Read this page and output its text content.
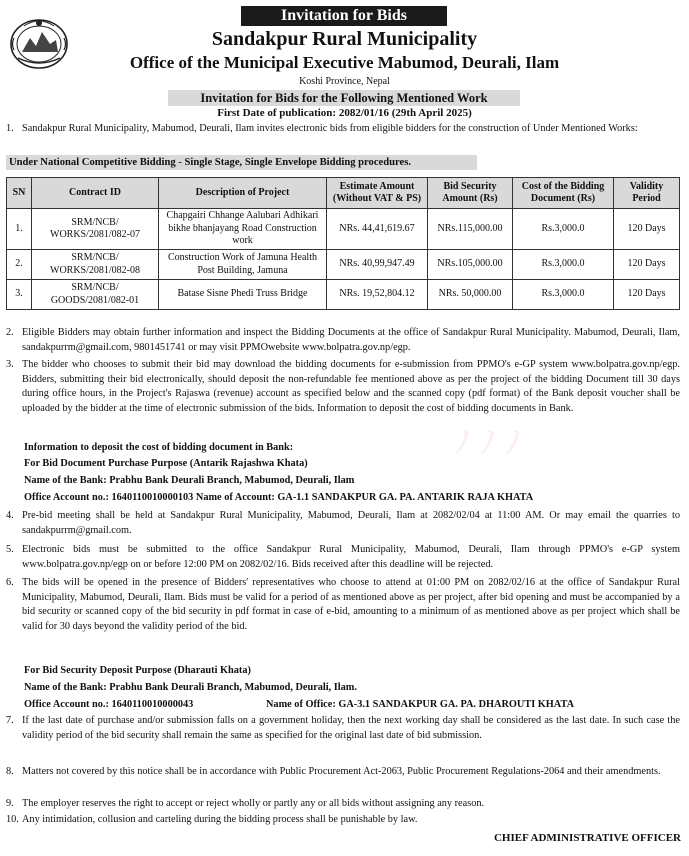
Invitation for Bids
Sandakpur Rural Municipality
Office of the Municipal Executive Mabumod, Deurali, Ilam
Koshi Province, Nepal
Invitation for Bids for the Following Mentioned Work
First Date of publication: 2082/01/16 (29th April 2025)
1. Sandakpur Rural Municipality, Mabumod, Deurali, Ilam invites electronic bids from eligible bidders for the construction of Under Mentioned Works:
Under National Competitive Bidding - Single Stage, Single Envelope Bidding procedures.
SN	Contract ID	Description of Project	Estimate Amount (Without VAT & PS)	Bid Security Amount (Rs)	Cost of the Bidding Document (Rs)	Validity Period
1.	SRM/NCB/ WORKS/2081/082-07	Chapgairi Chhange Aalubari Adhikari bikhe bhanjayang Road Construction work	NRs. 44,41,619.67	NRs.115,000.00	Rs.3,000.0	120 Days
2.	SRM/NCB/ WORKS/2081/082-08	Construction Work of Jamuna Health Post Building, Jamuna	NRs. 40,99,947.49	NRs.105,000.00	Rs.3,000.0	120 Days
3.	SRM/NCB/ GOODS/2081/082-01	Batase Sisne Phedi Truss Bridge	NRs. 19,52,804.12	NRs. 50,000.00	Rs.3,000.0	120 Days
ﾉ ﾉ ﾉ
2. Eligible Bidders may obtain further information and inspect the Bidding Documents at the office of Sandakpur Rural Municipality. Mabumod, Deurali, Ilam, sandakpurrm@gmail.com, 9801451741 or may visit PPMOwebsite www.bolpatra.gov.np/egp.
3. The bidder who chooses to submit their bid may download the bidding documents for e-submission from PPMO's e-GP system www.bolpatra.gov.np/egp. Bidders, submitting their bid electronically, should deposit the non-refundable fee mentioned above as per the project of the bidding Document till 30 days during office hours, in the Project's Rajaswa (revenue) account as specified below and the scanned copy (pdf format) of the Bank deposit voucher shall be uploaded by the bidder at the time of electronic submission of the bids. Information to deposit the cost of bidding documents in Bank.
Information to deposit the cost of bidding document in Bank:
For Bid Document Purchase Purpose (Antarik Rajashwa Khata)
Name of the Bank: Prabhu Bank Deurali Branch, Mabumod, Deurali, Ilam
Office Account no.: 1640110010000103 Name of Account: GA-1.1 SANDAKPUR GA. PA. ANTARIK RAJA KHATA
4. Pre-bid meeting shall be held at Sandakpur Rural Municipality, Mabumod, Deurali, Ilam at 2082/02/04 at 11:00 AM. Or may email the quarries to sandakpurrm@gmail.com.
5. Electronic bids must be submitted to the office Sandakpur Rural Municipality, Mabumod, Deurali, Ilam through PPMO's e-GP system www.bolpatra.gov.np/egp on or before 12:00 PM on 2082/02/16. Bids received after this deadline will be rejected.
6. The bids will be opened in the presence of Bidders' representatives who choose to attend at 01:00 PM on 2082/02/16 at the office of Sandakpur Rural Municipality, Mabumod, Deurali, Ilam. Bids must be valid for a period of as mentioned above as per project, after bid opening and must be accompanied by a bid security or scanned copy of the bid security in pdf format in case of e-bid, amounting to a minimum of as mentioned above as per project which shall be valid for 30 days beyond the validity period of the bid.
For Bid Security Deposit Purpose (Dharauti Khata)
Name of the Bank: Prabhu Bank Deurali Branch, Mabumod, Deurali, Ilam.
Office Account no.: 1640110010000043	Name of Office: GA-3.1 SANDAKPUR GA. PA. DHAROUTI KHATA
7. If the last date of purchase and/or submission falls on a government holiday, then the next working day shall be considered as the last date. In such case the validity period of the bid security shall remain the same as specified for the original last date of bid submission.
8. Matters not covered by this notice shall be in accordance with Public Procurement Act-2063, Public Procurement Regulations-2064 and their amendments.
9. The employer reserves the right to accept or reject wholly or partly any or all bids without assigning any reason.
10. Any intimidation, collusion and carteling during the bidding process shall be punishable by law.
CHIEF ADMINISTRATIVE OFFICER
